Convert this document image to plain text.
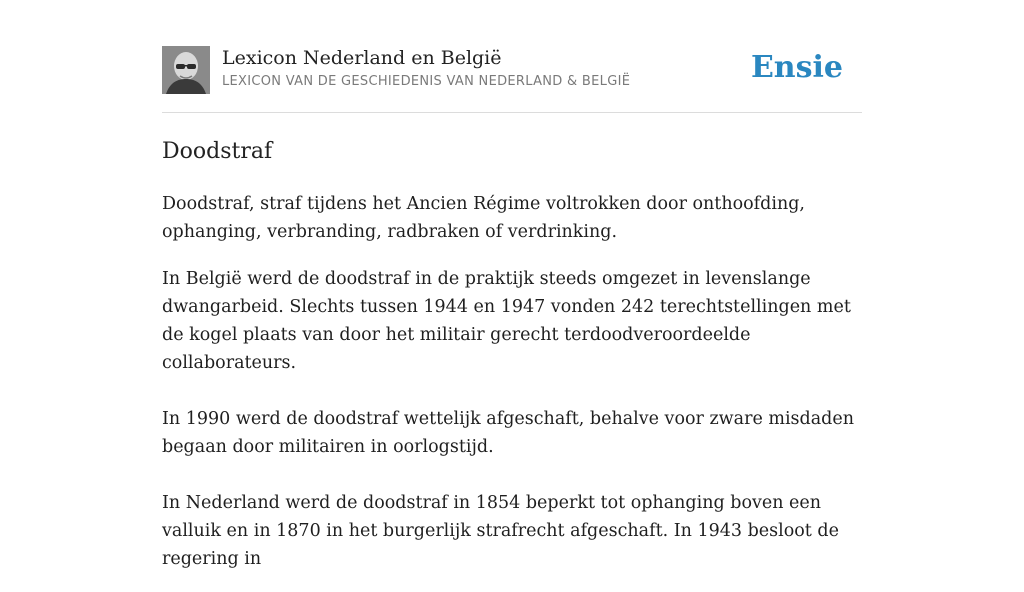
Lexicon Nederland en België
LEXICON VAN DE GESCHIEDENIS VAN NEDERLAND & BELGIË	Ensie
Doodstraf

Doodstraf, straf tijdens het Ancien Régime voltrokken door onthoofding, ophanging, verbranding, radbraken of verdrinking.

In België werd de doodstraf in de praktijk steeds omgezet in levenslange dwangarbeid. Slechts tussen 1944 en 1947 vonden 242 terechtstellingen met de kogel plaats van door het militair gerecht terdoodveroordeelde collaborateurs.

In 1990 werd de doodstraf wettelijk afgeschaft, behalve voor zware misdaden begaan door militairen in oorlogstijd.

In Nederland werd de doodstraf in 1854 beperkt tot ophanging boven een valluik en in 1870 in het burgerlijk strafrecht afgeschaft. In 1943 besloot de regering in
